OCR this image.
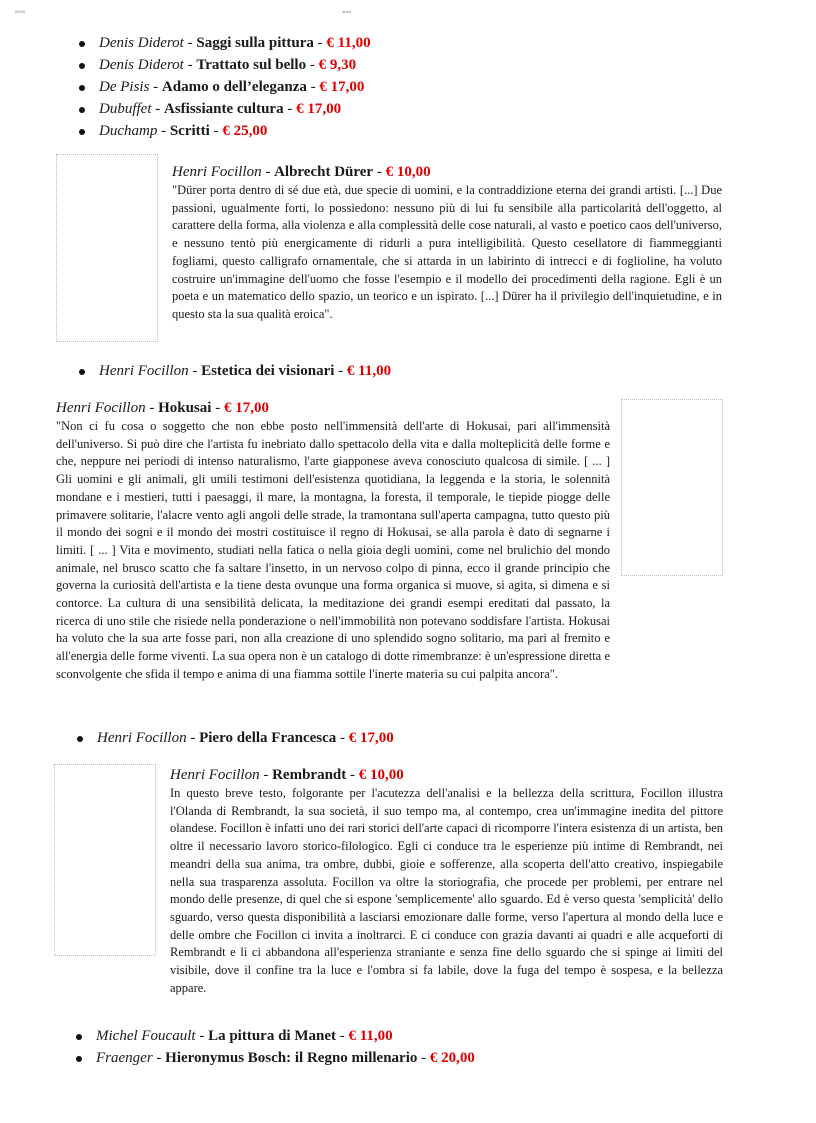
00/00	fedro
Denis Diderot - Saggi sulla pittura - € 11,00
Denis Diderot - Trattato sul bello - € 9,30
De Pisis - Adamo o dell’eleganza - € 17,00
Dubuffet - Asfissiante cultura - € 17,00
Duchamp - Scritti - € 25,00
Henri Focillon - Albrecht Dürer - € 10,00

"Dürer porta dentro di sé due età, due specie di uomini, e la contraddizione eterna dei grandi artisti. [...] Due passioni, ugualmente forti, lo possiedono: nessuno più di lui fu sensibile alla particolarità dell'oggetto, al carattere della forma, alla violenza e alla complessità delle cose naturali, al vasto e poetico caos dell'universo, e nessuno tentò più energicamente di ridurli a pura intelligibilità. Questo cesellatore di fiammeggianti fogliami, questo calligrafo ornamentale, che si attarda in un labirinto di intrecci e di foglioline, ha voluto costruire un'immagine dell'uomo che fosse l'esempio e il modello dei procedimenti della ragione. Egli è un poeta e un matematico dello spazio, un teorico e un ispirato. [...] Dürer ha il privilegio dell'inquietudine, e in questo sta la sua qualità eroica".

Henri Focillon - Estetica dei visionari - € 11,00
Henri Focillon - Hokusai - € 17,00

"Non ci fu cosa o soggetto che non ebbe posto nell'immensità dell'arte di Hokusai, pari all'immensità dell'universo. Si può dire che l'artista fu inebriato dallo spettacolo della vita e dalla molteplicità delle forme e che, neppure nei periodi di intenso naturalismo, l'arte giapponese aveva conosciuto qualcosa di simile. [ ... ] Gli uomini e gli animali, gli umili testimoni dell'esistenza quotidiana, la leggenda e la storia, le solennità mondane e i mestieri, tutti i paesaggi, il mare, la montagna, la foresta, il temporale, le tiepide piogge delle primavere solitarie, l'alacre vento agli angoli delle strade, la tramontana sull'aperta campagna, tutto questo più il mondo dei sogni e il mondo dei mostri costituisce il regno di Hokusai, se alla parola è dato di segnarne i limiti. [ ... ] Vita e movimento, studiati nella fatica o nella gioia degli uomini, come nel brulichio del mondo animale, nel brusco scatto che fa saltare l'insetto, in un nervoso colpo di pinna, ecco il grande principio che governa la curiosità dell'artista e la tiene desta ovunque una forma organica si muove, si agita, si dimena e si contorce. La cultura di una sensibilità delicata, la meditazione dei grandi esempi ereditati dal passato, la ricerca di uno stile che risiede nella ponderazione o nell'immobilità non potevano soddisfare l'artista. Hokusai ha voluto che la sua arte fosse pari, non alla creazione di uno splendido sogno solitario, ma pari al fremito e all'energia delle forme viventi. La sua opera non è un catalogo di dotte rimembranze: è un'espressione diretta e sconvolgente che sfida il tempo e anima di una fiamma sottile l'inerte materia su cui palpita ancora".

Henri Focillon - Piero della Francesca - € 17,00
Henri Focillon - Rembrandt - € 10,00

In questo breve testo, folgorante per l'acutezza dell'analisi e la bellezza della scrittura, Focillon illustra l'Olanda di Rembrandt, la sua società, il suo tempo ma, al contempo, crea un'immagine inedita del pittore olandese. Focillon è infatti uno dei rari storici dell'arte capaci di ricomporre l'intera esistenza di un artista, ben oltre il necessario lavoro storico-filologico. Egli ci conduce tra le esperienze più intime di Rembrandt, nei meandri della sua anima, tra ombre, dubbi, gioie e sofferenze, alla scoperta dell'atto creativo, inspiegabile nella sua trasparenza assoluta. Focillon va oltre la storiografia, che procede per problemi, per entrare nel mondo delle presenze, di quel che si espone 'semplicemente' allo sguardo. Ed è verso questa 'semplicità' dello sguardo, verso questa disponibilità a lasciarsi emozionare dalle forme, verso l'apertura al mondo della luce e delle ombre che Focillon ci invita a inoltrarci. E ci conduce con grazia davanti ai quadri e alle acqueforti di Rembrandt e lì ci abbandona all'esperienza straniante e senza fine dello sguardo che si spinge ai limiti del visibile, dove il confine tra la luce e l'ombra si fa labile, dove la fuga del tempo è sospesa, e la bellezza appare.

Michel Foucault - La pittura di Manet - € 11,00
Fraenger - Hieronymus Bosch: il Regno millenario - € 20,00
